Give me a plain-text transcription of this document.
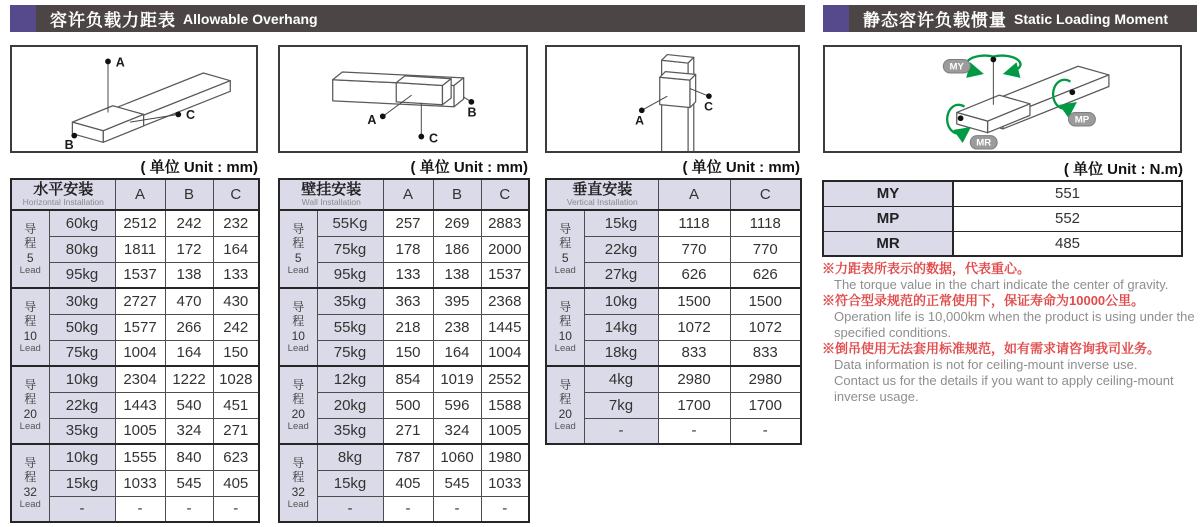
容许负载力距表 Allowable Overhang	静态容许负载惯量 Static Loading Moment
A
B
C
( 单位 Unit : mm)
A
B
C
( 单位 Unit : mm)
A
C
( 单位 Unit : mm)
MY
MP
MR
( 单位 Unit : N.m)
水平安装
Horizontal Installation		A	B	C

导
程
5
Lead	60kg	2512	242	232
	80kg	1811	172	164
	95kg	1537	138	133

导
程
10
Lead	30kg	2727	470	430
	50kg	1577	266	242
	75kg	1004	164	150

导
程
20
Lead	10kg	2304	1222	1028
	22kg	1443	540	451
	35kg	1005	324	271

导
程
32
Lead	10kg	1555	840	623
	15kg	1033	545	405
	-	-	-	-
壁挂安装
Wall Installation		A	B	C

导
程
5
Lead	55Kg	257	269	2883
	75kg	178	186	2000
	95kg	133	138	1537

导
程
10
Lead	35kg	363	395	2368
	55kg	218	238	1445
	75kg	150	164	1004

导
程
20
Lead	12kg	854	1019	2552
	20kg	500	596	1588
	35kg	271	324	1005

导
程
32
Lead	8kg	787	1060	1980
	15kg	405	545	1033
	-	-	-	-
垂直安装
Vertical Installation		A	C

导
程
5
Lead	15kg	1118	1118
	22kg	770	770
	27kg	626	626

导
程
10
Lead	10kg	1500	1500
	14kg	1072	1072
	18kg	833	833

导
程
20
Lead	4kg	2980	2980
	7kg	1700	1700
	-	-	-
MY	551
MP	552
MR	485
※力距表所表示的数据，代表重心。
The torque value in the chart indicate the center of gravity.
※符合型录规范的正常使用下，保证寿命为10000公里。
Operation life is 10,000km when the product is using under the
specified conditions.
※倒吊使用无法套用标准规范，如有需求请咨询我司业务。
Data information is not for ceiling-mount inverse use.
Contact us for the details if you want to apply ceiling-mount
inverse usage.
